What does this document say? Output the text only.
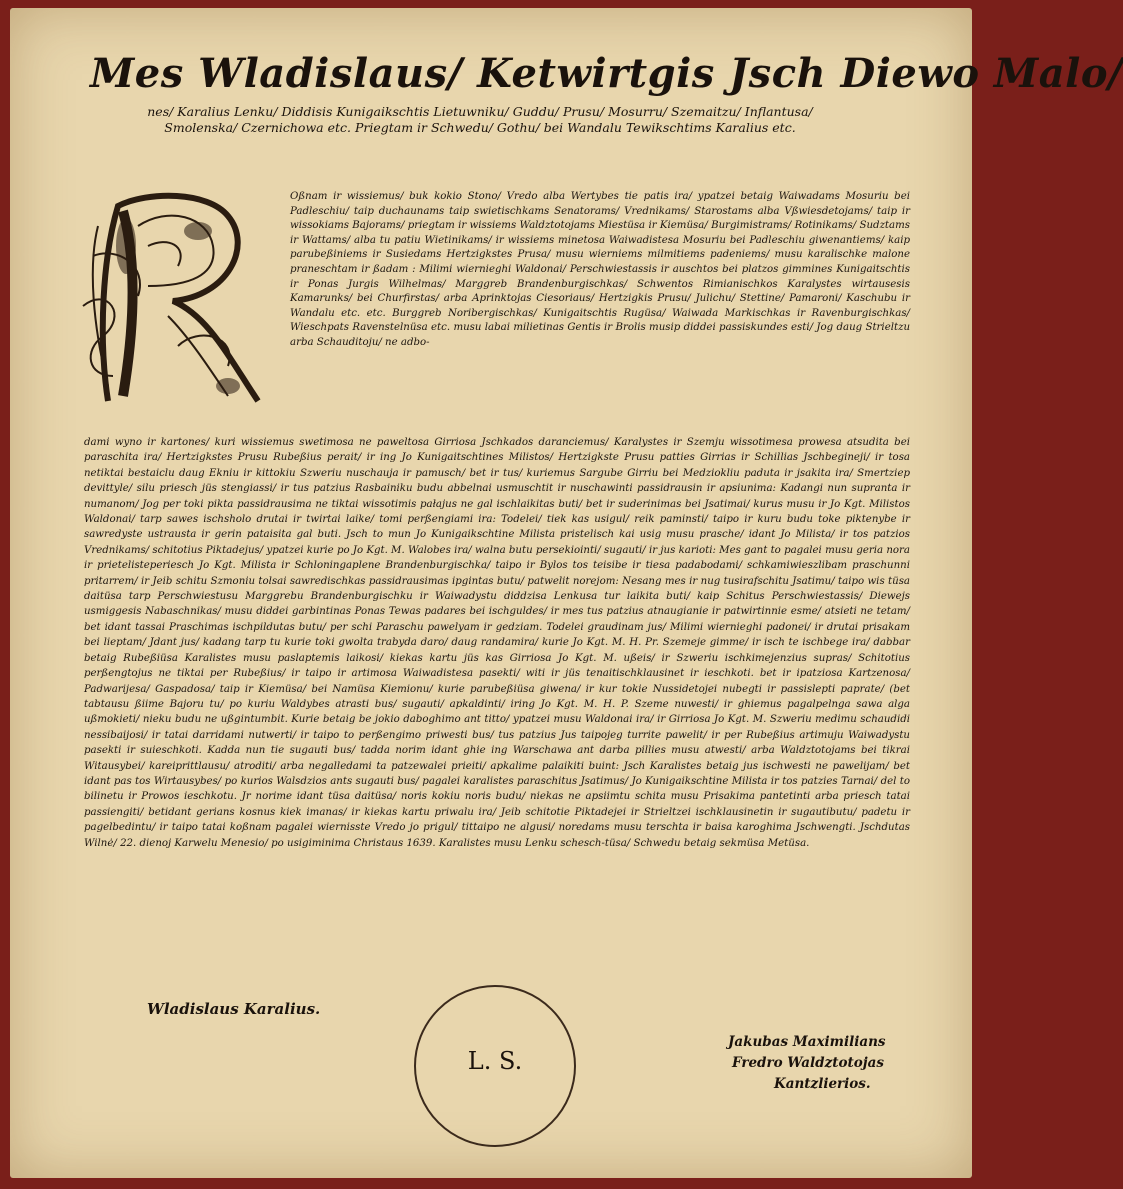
Mes Wladislaus/ Ketwirtgis Jsch Diewo Malo/
nes/ Karalius Lenku/ Diddisis Kunigaikschtis Lietuwniku/ Guddu/ Prusu/ Mosurru/ Szemaitzu/ Inflantusa/ Smolenska/ Czernichowa etc. Priegtam ir Schwedu/ Gothu/ bei Wandalu Tewikschtims Karalius etc.
Oßnam ir wissiemus/ buk kokio Stono/ Vredo alba Wertybes tie patis ira/ ypatzei betaig Waiwadams Mosuriu bei Padleschiu/ taip duchaunams taip swietischkams Senatorams/ Vrednikams/ Starostams alba Vßwiesdetojams/ taip ir wissokiams Bajorams/ priegtam ir wissiems Waldztotojams Miestüsa ir Kiemüsa/ Burgimistrams/ Rotinikams/ Sudztams ir Wattams/ alba tu patiu Wietinikams/ ir wissiems minetosa Waiwadistesa Mosuriu bei Padleschiu giwenantiems/ kaip parubeßiniems ir Susiedams Hertzigkstes Prusa/ musu wierniems milmitiems padeniems/ musu karalischke malone praneschtam ir ßadam : Milimi wiernieghi Waldonai/ Perschwiestassis ir auschtos bei platzos gimmines Kunigaitschtis ir Ponas Jurgis Wilhelmas/ Marggreb Brandenburgischkas/ Schwentos Rimianischkos Karalystes wirtausesis Kamarunks/ bei Churfirstas/ arba Aprinktojas Ciesoriaus/ Hertzigkis Prusu/ Julichu/ Stettine/ Pamaroni/ Kaschubu ir Wandalu etc. etc. Burggreb Noribergischkas/ Kunigaitschtis Rugüsa/ Waiwada Markischkas ir Ravenburgischkas/ Wieschpats Ravenstelnüsa etc. musu labai milietinas Gentis ir Brolis musip diddei passiskundes esti/ Jog daug Strieltzu arba Schauditoju/ ne adbo-
dami wyno ir kartones/ kuri wissiemus swetimosa ne paweltosa Girriosa Jschkados daranciemus/ Karalystes ir Szemju wissotimesa prowesa atsudita bei paraschita ira/ Hertzigkstes Prusu Rubeßius perait/ ir ing Jo Kunigaitschtines Milistos/ Hertzigkste Prusu patties Girrias ir Schillias Jschbegineji/ ir tosa netiktai bestaiclu daug Ekniu ir kittokiu Szweriu nuschauja ir pamusch/ bet ir tus/ kuriemus Sargube Girriu bei Medziokliu paduta ir jsakita ira/ Smertziep devittyle/ silu priesch jüs stengiassi/ ir tus patzius Rasbainiku budu abbelnai usmuschtit ir nuschawinti passidrausin ir apsiunima: Kadangi nun supranta ir numanom/ Jog per toki pikta passidrausima ne tiktai wissotimis pałajus ne gal ischlaikitas buti/ bet ir suderinimas bei Jsatimai/ kurus musu ir Jo Kgt. Milistos Waldonai/ tarp sawes ischsholo drutai ir twirtai laike/ tomi perßengiami ira: Todelei/ tiek kas usigul/ reik paminsti/ taipo ir kuru budu toke piktenybe ir sawredyste ustrausta ir gerin pataisita gal buti. Jsch to mun Jo Kunigaikschtine Milista pristelisch kai usig musu prasche/ idant Jo Milista/ ir tos patzios Vrednikams/ schitotius Piktadejus/ ypatzei kurie po Jo Kgt. M. Walobes ira/ walna butu persekiointi/ sugauti/ ir jus karioti: Mes gant to pagalei musu geria nora ir prietelisteperiesch Jo Kgt. Milista ir Schloningaplene Brandenburgischka/ taipo ir Bylos tos teisibe ir tiesa padabodami/ schkamiwieszlibam praschunni pritarrem/ ir Jeib schitu Szmoniu tolsai sawredischkas passidrausimas ipgintas butu/ patwelit norejom: Nesang mes ir nug tusirafschitu Jsatimu/ taipo wis tüsa daitüsa tarp Perschwiestusu Marggrebu Brandenburgischku ir Waiwadystu diddzisa Lenkusa tur laikita buti/ kaip Schitus Perschwiestassis/ Diewejs usmiggesis Nabaschnikas/ musu diddei garbintinas Ponas Tewas padares bei ischguldes/ ir mes tus patzius atnaugianie ir patwirtinnie esme/ atsieti ne tetam/ bet idant tassai Praschimas ischpildutas butu/ per schi Paraschu pawelyam ir gedziam. Todelei graudinam jus/ Milimi wiernieghi padonei/ ir drutai prisakam bei lieptam/ Jdant jus/ kadang tarp tu kurie toki gwolta trabyda daro/ daug randamira/ kurie Jo Kgt. M. H. Pr. Szemeje gimme/ ir isch te ischbege ira/ dabbar betaig Rubeßiüsa Karalistes musu paslaptemis laikosi/ kiekas kartu jüs kas Girriosa Jo Kgt. M. ußeis/ ir Szweriu ischkimejenzius supras/ Schitotius perßengtojus ne tiktai per Rubeßius/ ir taipo ir artimosa Waiwadistesa pasekti/ witi ir jüs tenaitischklausinet ir ieschkoti. bet ir ipatziosa Kartzenosa/ Padwarijesa/ Gaspadosa/ taip ir Kiemüsa/ bei Namüsa Kiemionu/ kurie parubeßiüsa giwena/ ir kur tokie Nussidetojei nubegti ir passislepti paprate/ (bet tabtausu ßiime Bajoru tu/ po kuriu Waldybes atrasti bus/ sugauti/ apkaldinti/ iring Jo Kgt. M. H. P. Szeme nuwesti/ ir ghiemus pagalpelnga sawa alga ußmokieti/ nieku budu ne ußgintumbit. Kurie betaig be jokio daboghimo ant titto/ ypatzei musu Waldonai ira/ ir Girriosa Jo Kgt. M. Szweriu medimu schaudidi nessibaijosi/ ir tatai darridami nutwerti/ ir taipo to perßengimo priwesti bus/ tus patzius Jus taipojeg turrite pawelit/ ir per Rubeßius artimuju Waiwadystu pasekti ir suieschkoti. Kadda nun tie sugauti bus/ tadda norim idant ghie ing Warschawa ant darba pillies musu atwesti/ arba Waldztotojams bei tikrai Witausybei/ kareiprittlausu/ atroditi/ arba negalledami ta patzewalei prieiti/ apkalime palaikiti buint: Jsch Karalistes betaig jus ischwesti ne pawelijam/ bet idant pas tos Wirtausybes/ po kurios Walsdzios ants sugauti bus/ pagalei karalistes paraschitus Jsatimus/ Jo Kunigaikschtine Milista ir tos patzies Tarnai/ del to bilinetu ir Prowos ieschkotu. Jr norime idant tüsa daitüsa/ noris kokiu noris budu/ niekas ne apsiimtu schita musu Prisakima pantetinti arba priesch tatai passiengiti/ betidant gerians kosnus kiek imanas/ ir kiekas kartu priwalu ira/ Jeib schitotie Piktadejei ir Strieltzei ischklausinetin ir sugautibutu/ padetu ir pagelbedintu/ ir taipo tatai koßnam pagalei wiernisste Vredo jo prigul/ tittaipo ne algusi/ noredams musu terschta ir baisa karoghima Jschwengti. Jschdutas Wilnė/ 22. dienoj Karwelu Menesio/ po usigiminima Christaus 1639. Karalistes musu Lenku schesch-tüsa/ Schwedu betaig sekmüsa Metüsa.
Wladislaus Karalius.
L. S.
Jakubas Maximilians
Fredro Waldztotojas
Kantzlierios.
